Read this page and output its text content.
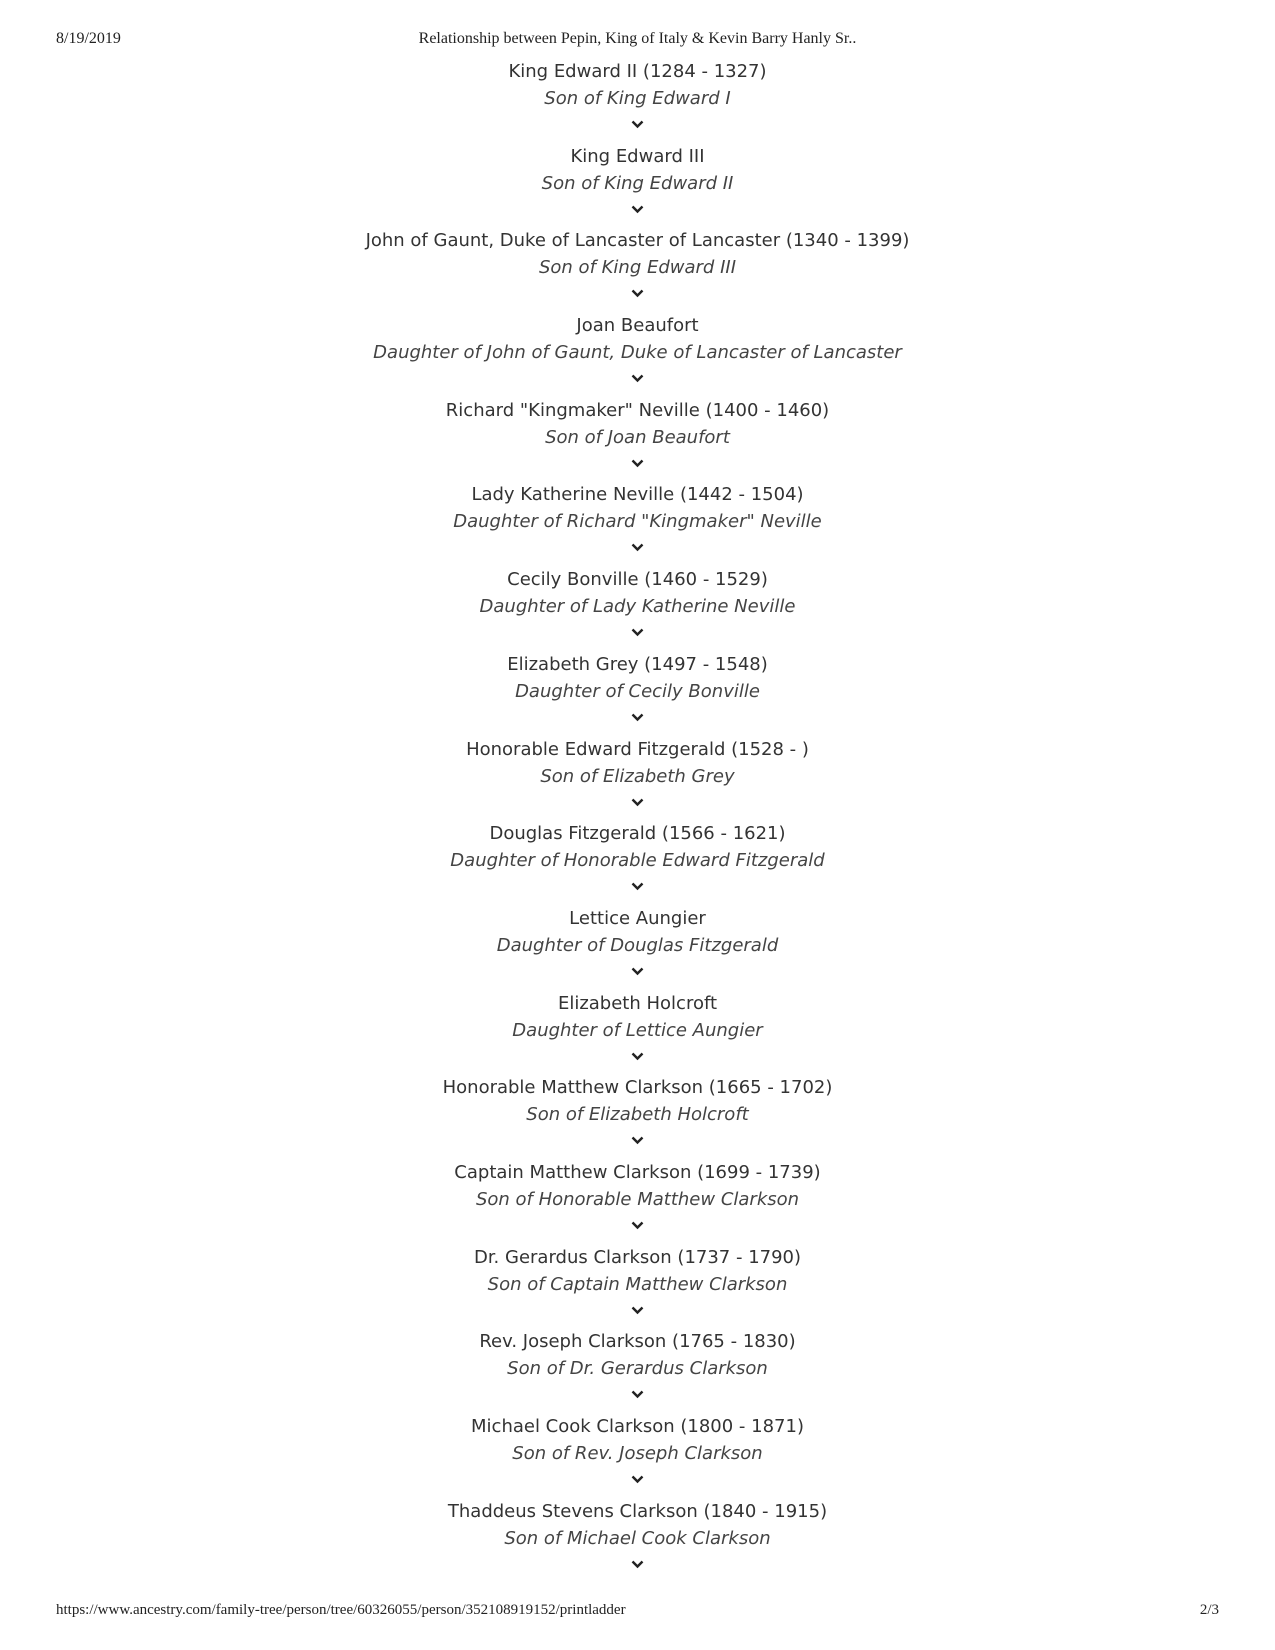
8/19/2019	Relationship between Pepin, King of Italy & Kevin Barry Hanly Sr..
King Edward II (1284 - 1327)
Son of King Edward I
King Edward III
Son of King Edward II
John of Gaunt, Duke of Lancaster of Lancaster (1340 - 1399)
Son of King Edward III
Joan Beaufort
Daughter of John of Gaunt, Duke of Lancaster of Lancaster
Richard "Kingmaker" Neville (1400 - 1460)
Son of Joan Beaufort
Lady Katherine Neville (1442 - 1504)
Daughter of Richard "Kingmaker" Neville
Cecily Bonville (1460 - 1529)
Daughter of Lady Katherine Neville
Elizabeth Grey (1497 - 1548)
Daughter of Cecily Bonville
Honorable Edward Fitzgerald (1528 - )
Son of Elizabeth Grey
Douglas Fitzgerald (1566 - 1621)
Daughter of Honorable Edward Fitzgerald
Lettice Aungier
Daughter of Douglas Fitzgerald
Elizabeth Holcroft
Daughter of Lettice Aungier
Honorable Matthew Clarkson (1665 - 1702)
Son of Elizabeth Holcroft
Captain Matthew Clarkson (1699 - 1739)
Son of Honorable Matthew Clarkson
Dr. Gerardus Clarkson (1737 - 1790)
Son of Captain Matthew Clarkson
Rev. Joseph Clarkson (1765 - 1830)
Son of Dr. Gerardus Clarkson
Michael Cook Clarkson (1800 - 1871)
Son of Rev. Joseph Clarkson
Thaddeus Stevens Clarkson (1840 - 1915)
Son of Michael Cook Clarkson
https://www.ancestry.com/family-tree/person/tree/60326055/person/352108919152/printladder	2/3
